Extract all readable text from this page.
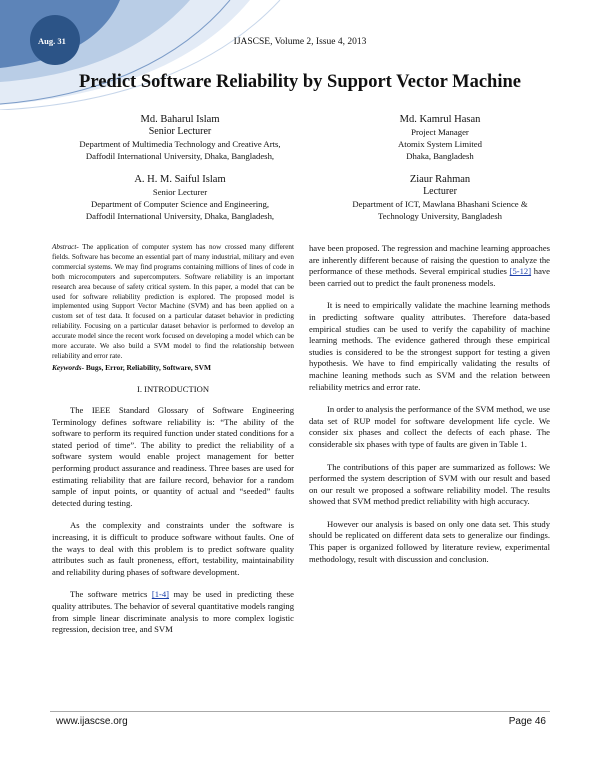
Aug. 31	IJASCSE, Volume 2, Issue 4, 2013
Predict Software Reliability by Support Vector Machine
Md. Baharul Islam
Senior Lecturer
Department of Multimedia Technology and Creative Arts,
Daffodil International University, Dhaka, Bangladesh,
Md. Kamrul Hasan
Project Manager
Atomix System Limited
Dhaka, Bangladesh
A. H. M. Saiful Islam
Senior Lecturer
Department of Computer Science and Engineering,
Daffodil International University, Dhaka, Bangladesh,
Ziaur Rahman
Lecturer
Department of ICT, Mawlana Bhashani Science &
Technology University, Bangladesh

Abstract- The application of computer system has now crossed many different fields. Software has become an essential part of many industrial, military and even commercial systems. We may find programs containing millions of lines of code in both microcomputers and supercomputers. Software reliability is an important research area because of safety critical system. In this paper, a model that can be used for software reliability prediction is explored. The proposed model is implemented using Support Vector Machine (SVM) and has been applied on a custom set of test data. It focused on a particular dataset behavior in predicting reliability. Focusing on a particular dataset behavior is performed to develop an accurate model since the recent work focused on developing a model which can be more accurate. We also build a SVM model to find the relationship between reliability and error rate.

Keywords- Bugs, Error, Reliability, Software, SVM

I. INTRODUCTION

The IEEE Standard Glossary of Software Engineering Terminology defines software reliability is: “The ability of the software to perform its required function under stated conditions for a stated period of time”. The ability to predict the reliability of a software system would enable project management for better performing product assurance and readiness. Three bases are used for estimating reliability that are failure record, behavior for a random sample of input points, or quantity of actual and “seeded” faults detected during testing.

As the complexity and constraints under the software is increasing, it is difficult to produce software without faults. One of the ways to deal with this problem is to predict software quality attributes such as fault proneness, effort, testability, maintainability and reliability during phases of software development.

The software metrics [1-4] may be used in predicting these quality attributes. The behavior of several quantitative models ranging from simple linear discriminate analysis to more complex logistic regression, decision tree, and SVM

have been proposed. The regression and machine learning approaches are inherently different because of raising the question to analyze the performance of these methods. Several empirical studies [5-12] have been carried out to predict the fault proneness models.

It is need to empirically validate the machine learning methods in predicting software quality attributes. Therefore data-based empirical studies can be used to verify the capability of machine learning methods. The evidence gathered through these empirical studies is considered to be the strongest support for testing a given hypothesis. We have to find empirically validating the results of machine leaning methods such as SVM and the relation between reliability metrics and error rate.

In order to analysis the performance of the SVM method, we use data set of RUP model for software development life cycle. We consider six phases and collect the defects of each phase. The considerable six phases with type of faults are given in Table 1.

The contributions of this paper are summarized as follows: We performed the system description of SVM with our result and based on our result we proposed a software reliability model. The results showed that SVM method predict reliability with high accuracy.

However our analysis is based on only one data set. This study should be replicated on different data sets to generalize our findings. This paper is organized followed by literature review, experimental methodology, result with discussion and conclusion.

www.ijascse.org	Page 46
